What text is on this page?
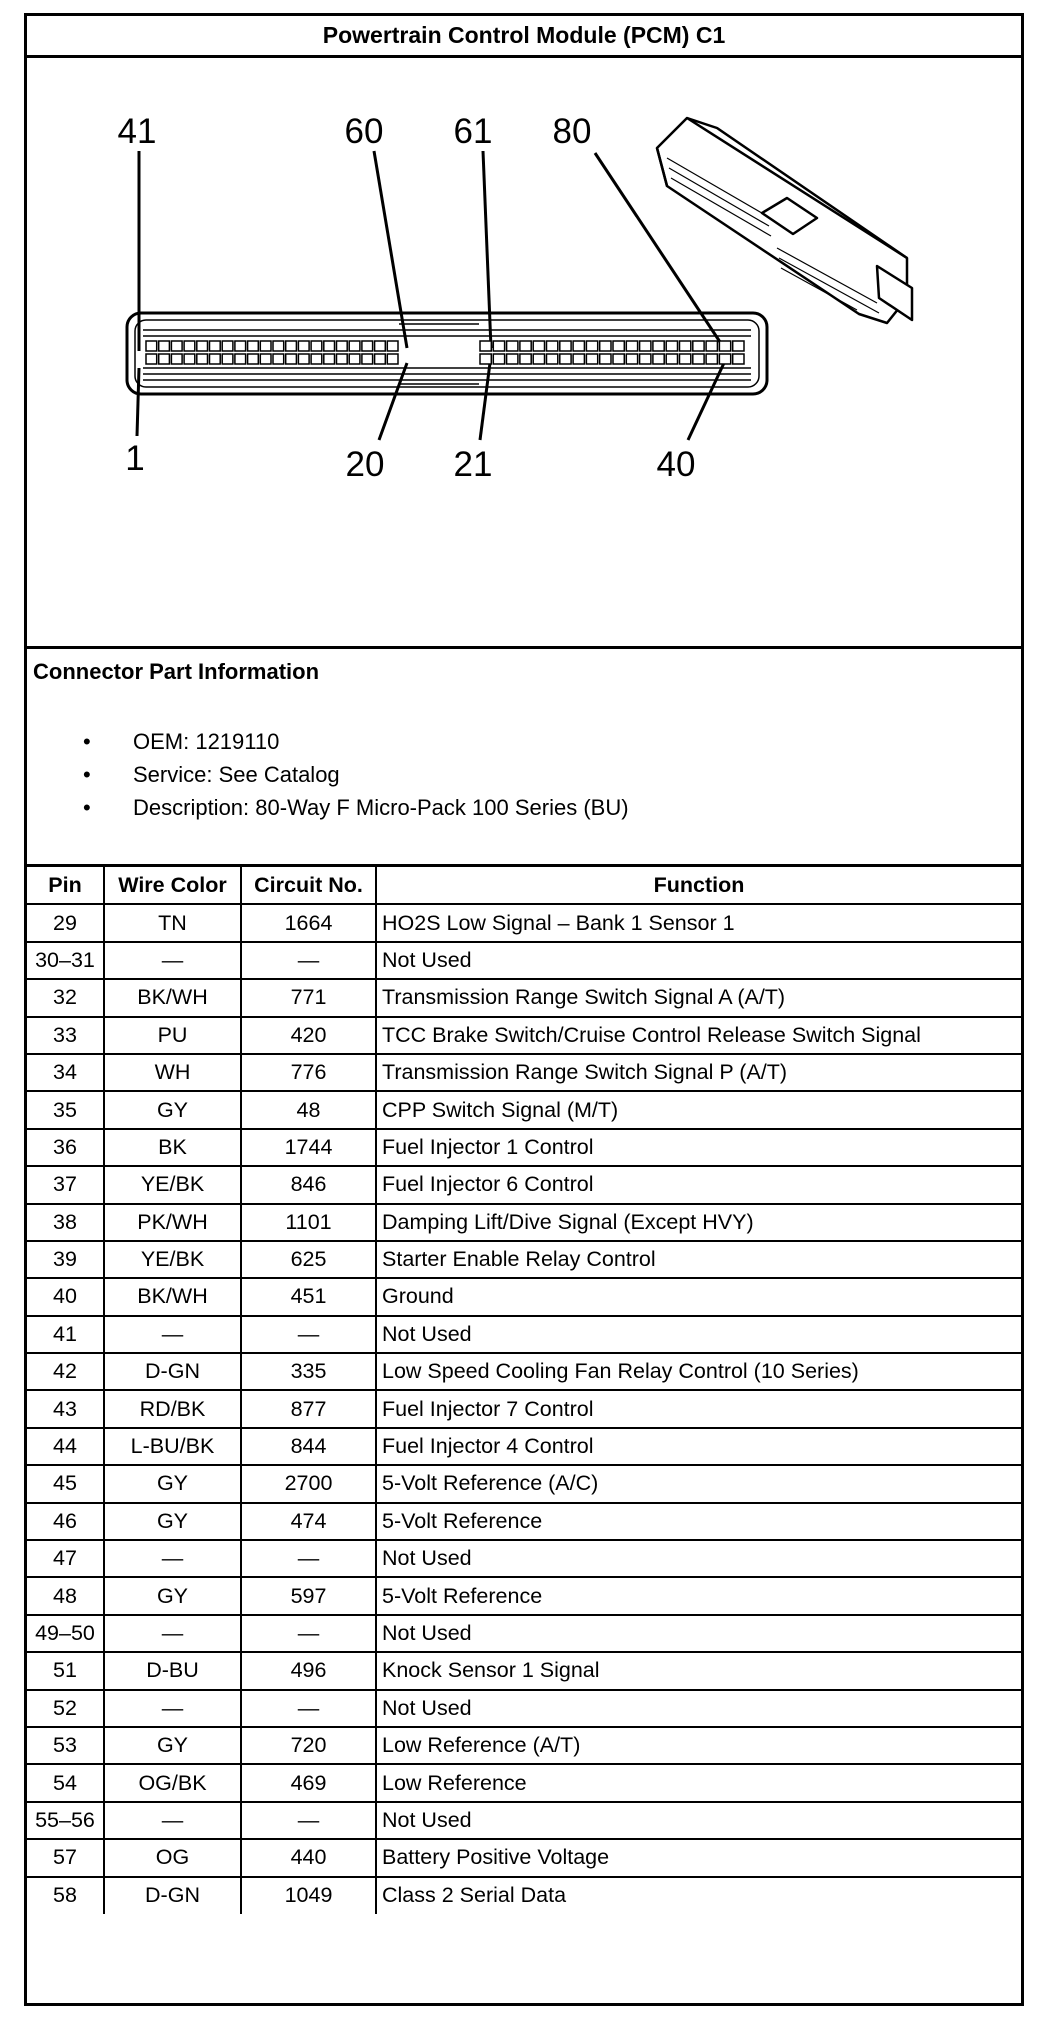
Powertrain Control Module (PCM) C1
41	60 61 80
1	20 21	40
Connector Part Information
• OEM: 1219110
• Service: See Catalog
• Description: 80-Way F Micro-Pack 100 Series (BU)
Pin	Wire Color	Circuit No.	Function
29	TN	1664	HO2S Low Signal – Bank 1 Sensor 1
30–31	—	—	Not Used
32	BK/WH	771	Transmission Range Switch Signal A (A/T)
33	PU	420	TCC Brake Switch/Cruise Control Release Switch Signal
34	WH	776	Transmission Range Switch Signal P (A/T)
35	GY	48	CPP Switch Signal (M/T)
36	BK	1744	Fuel Injector 1 Control
37	YE/BK	846	Fuel Injector 6 Control
38	PK/WH	1101	Damping Lift/Dive Signal (Except HVY)
39	YE/BK	625	Starter Enable Relay Control
40	BK/WH	451	Ground
41	—	—	Not Used
42	D-GN	335	Low Speed Cooling Fan Relay Control (10 Series)
43	RD/BK	877	Fuel Injector 7 Control
44	L-BU/BK	844	Fuel Injector 4 Control
45	GY	2700	5-Volt Reference (A/C)
46	GY	474	5-Volt Reference
47	—	—	Not Used
48	GY	597	5-Volt Reference
49–50	—	—	Not Used
51	D-BU	496	Knock Sensor 1 Signal
52	—	—	Not Used
53	GY	720	Low Reference (A/T)
54	OG/BK	469	Low Reference
55–56	—	—	Not Used
57	OG	440	Battery Positive Voltage
58	D-GN	1049	Class 2 Serial Data
